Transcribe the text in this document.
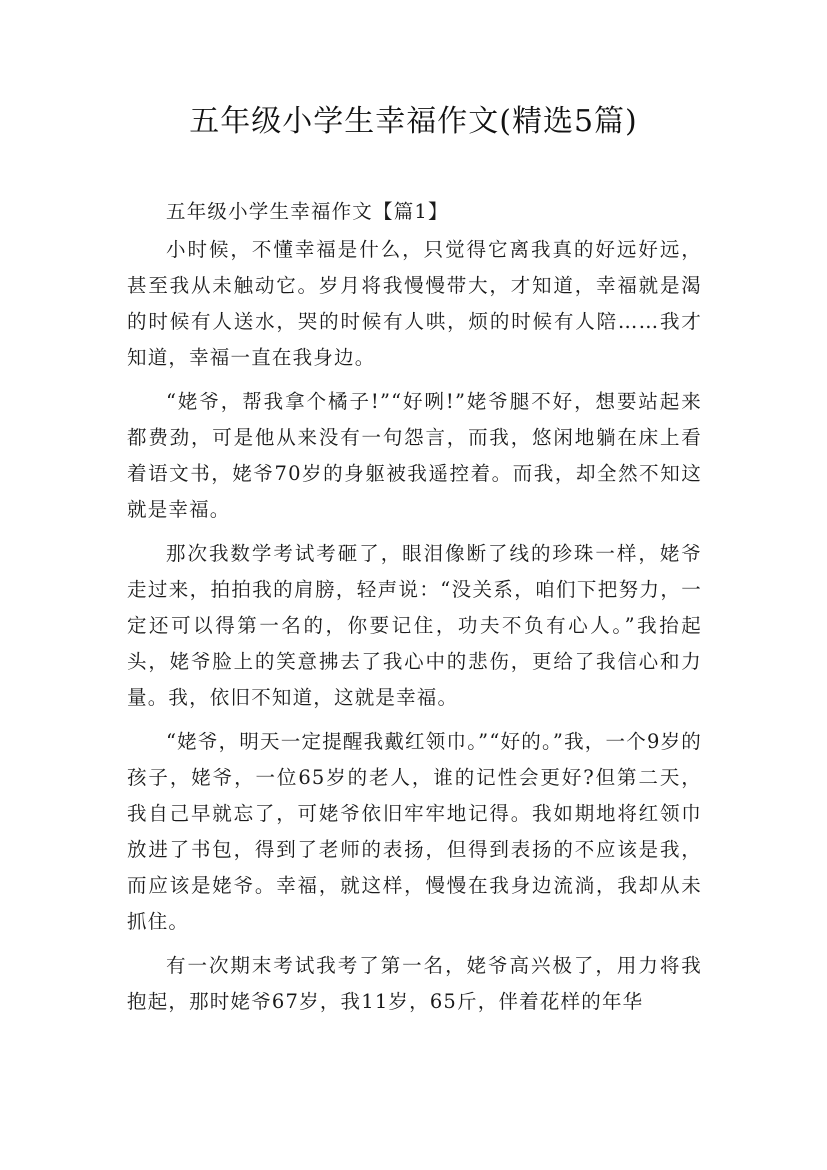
五年级小学生幸福作文(精选5篇)

五年级小学生幸福作文【篇1】

小时候，不懂幸福是什么，只觉得它离我真的好远好远，甚至我从未触动它。岁月将我慢慢带大，才知道，幸福就是渴的时候有人送水，哭的时候有人哄，烦的时候有人陪……我才知道，幸福一直在我身边。

“姥爷，帮我拿个橘子!”“好咧!”姥爷腿不好，想要站起来都费劲，可是他从来没有一句怨言，而我，悠闲地躺在床上看着语文书，姥爷70岁的身躯被我遥控着。而我，却全然不知这就是幸福。

那次我数学考试考砸了，眼泪像断了线的珍珠一样，姥爷走过来，拍拍我的肩膀，轻声说：“没关系，咱们下把努力，一定还可以得第一名的，你要记住，功夫不负有心人。”我抬起头，姥爷脸上的笑意拂去了我心中的悲伤，更给了我信心和力量。我，依旧不知道，这就是幸福。

“姥爷，明天一定提醒我戴红领巾。”“好的。”我，一个9岁的孩子，姥爷，一位65岁的老人，谁的记性会更好?但第二天，我自己早就忘了，可姥爷依旧牢牢地记得。我如期地将红领巾放进了书包，得到了老师的表扬，但得到表扬的不应该是我，而应该是姥爷。幸福，就这样，慢慢在我身边流淌，我却从未抓住。

有一次期末考试我考了第一名，姥爷高兴极了，用力将我抱起，那时姥爷67岁，我11岁，65斤，伴着花样的年华
